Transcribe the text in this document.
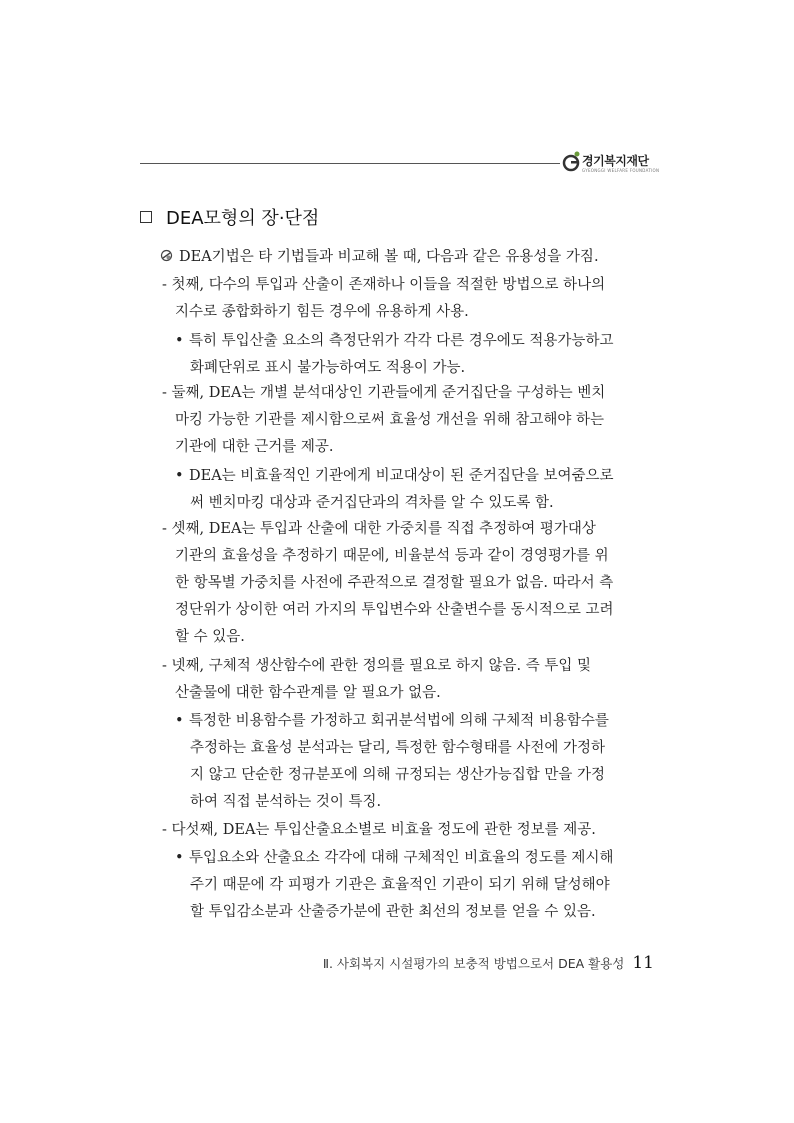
경기복지재단
GYEONGGI WELFARE FOUNDATION
DEA모형의 장·단점
DEA기법은 타 기법들과 비교해 볼 때, 다음과 같은 유용성을 가짐.
- 첫째, 다수의 투입과 산출이 존재하나 이들을 적절한 방법으로 하나의
지수로 종합화하기 힘든 경우에 유용하게 사용.
• 특히 투입산출 요소의 측정단위가 각각 다른 경우에도 적용가능하고
화폐단위로 표시 불가능하여도 적용이 가능.
- 둘째, DEA는 개별 분석대상인 기관들에게 준거집단을 구성하는 벤치
마킹 가능한 기관를 제시함으로써 효율성 개선을 위해 참고해야 하는
기관에 대한 근거를 제공.
• DEA는 비효율적인 기관에게 비교대상이 된 준거집단을 보여줌으로
써 벤치마킹 대상과 준거집단과의 격차를 알 수 있도록 함.
- 셋째, DEA는 투입과 산출에 대한 가중치를 직접 추정하여 평가대상
기관의 효율성을 추정하기 때문에, 비율분석 등과 같이 경영평가를 위
한 항목별 가중치를 사전에 주관적으로 결정할 필요가 없음. 따라서 측
정단위가 상이한 여러 가지의 투입변수와 산출변수를 동시적으로 고려
할 수 있음.
- 넷째, 구체적 생산함수에 관한 정의를 필요로 하지 않음. 즉 투입 및
산출물에 대한 함수관계를 알 필요가 없음.
• 특정한 비용함수를 가정하고 회귀분석법에 의해 구체적 비용함수를
추정하는 효율성 분석과는 달리, 특정한 함수형태를 사전에 가정하
지 않고 단순한 정규분포에 의해 규정되는 생산가능집합 만을 가정
하여 직접 분석하는 것이 특징.
- 다섯째, DEA는 투입산출요소별로 비효율 정도에 관한 정보를 제공.
• 투입요소와 산출요소 각각에 대해 구체적인 비효율의 정도를 제시해
주기 때문에 각 피평가 기관은 효율적인 기관이 되기 위해 달성해야
할 투입감소분과 산출증가분에 관한 최선의 정보를 얻을 수 있음.
Ⅱ. 사회복지 시설평가의 보충적 방법으로서 DEA 활용성 11
